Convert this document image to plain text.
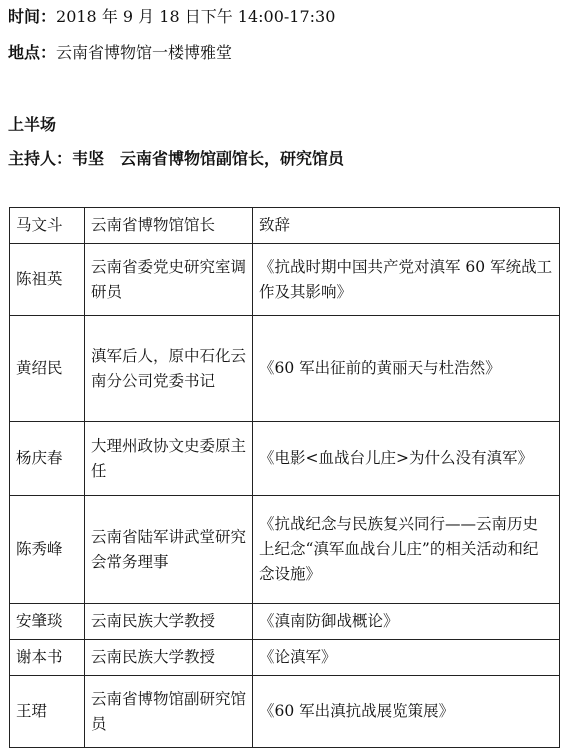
时间：2018 年 9 月 18 日下午 14:00-17:30
地点：云南省博物馆一楼博雅堂
上半场
主持人：韦坚　云南省博物馆副馆长，研究馆员
马文斗	云南省博物馆馆长	致辞
陈祖英	云南省委党史研究室调研员	《抗战时期中国共产党对滇军 60 军统战工作及其影响》
黄绍民	滇军后人，原中石化云南分公司党委书记	《60 军出征前的黄丽天与杜浩然》
杨庆春	大理州政协文史委原主任	《电影<血战台儿庄>为什么没有滇军》
陈秀峰	云南省陆军讲武堂研究会常务理事	《抗战纪念与民族复兴同行——云南历史上纪念“滇军血战台儿庄”的相关活动和纪念设施》
安肇琰	云南民族大学教授	《滇南防御战概论》
谢本书	云南民族大学教授	《论滇军》
王珺	云南省博物馆副研究馆员	《60 军出滇抗战展览策展》
